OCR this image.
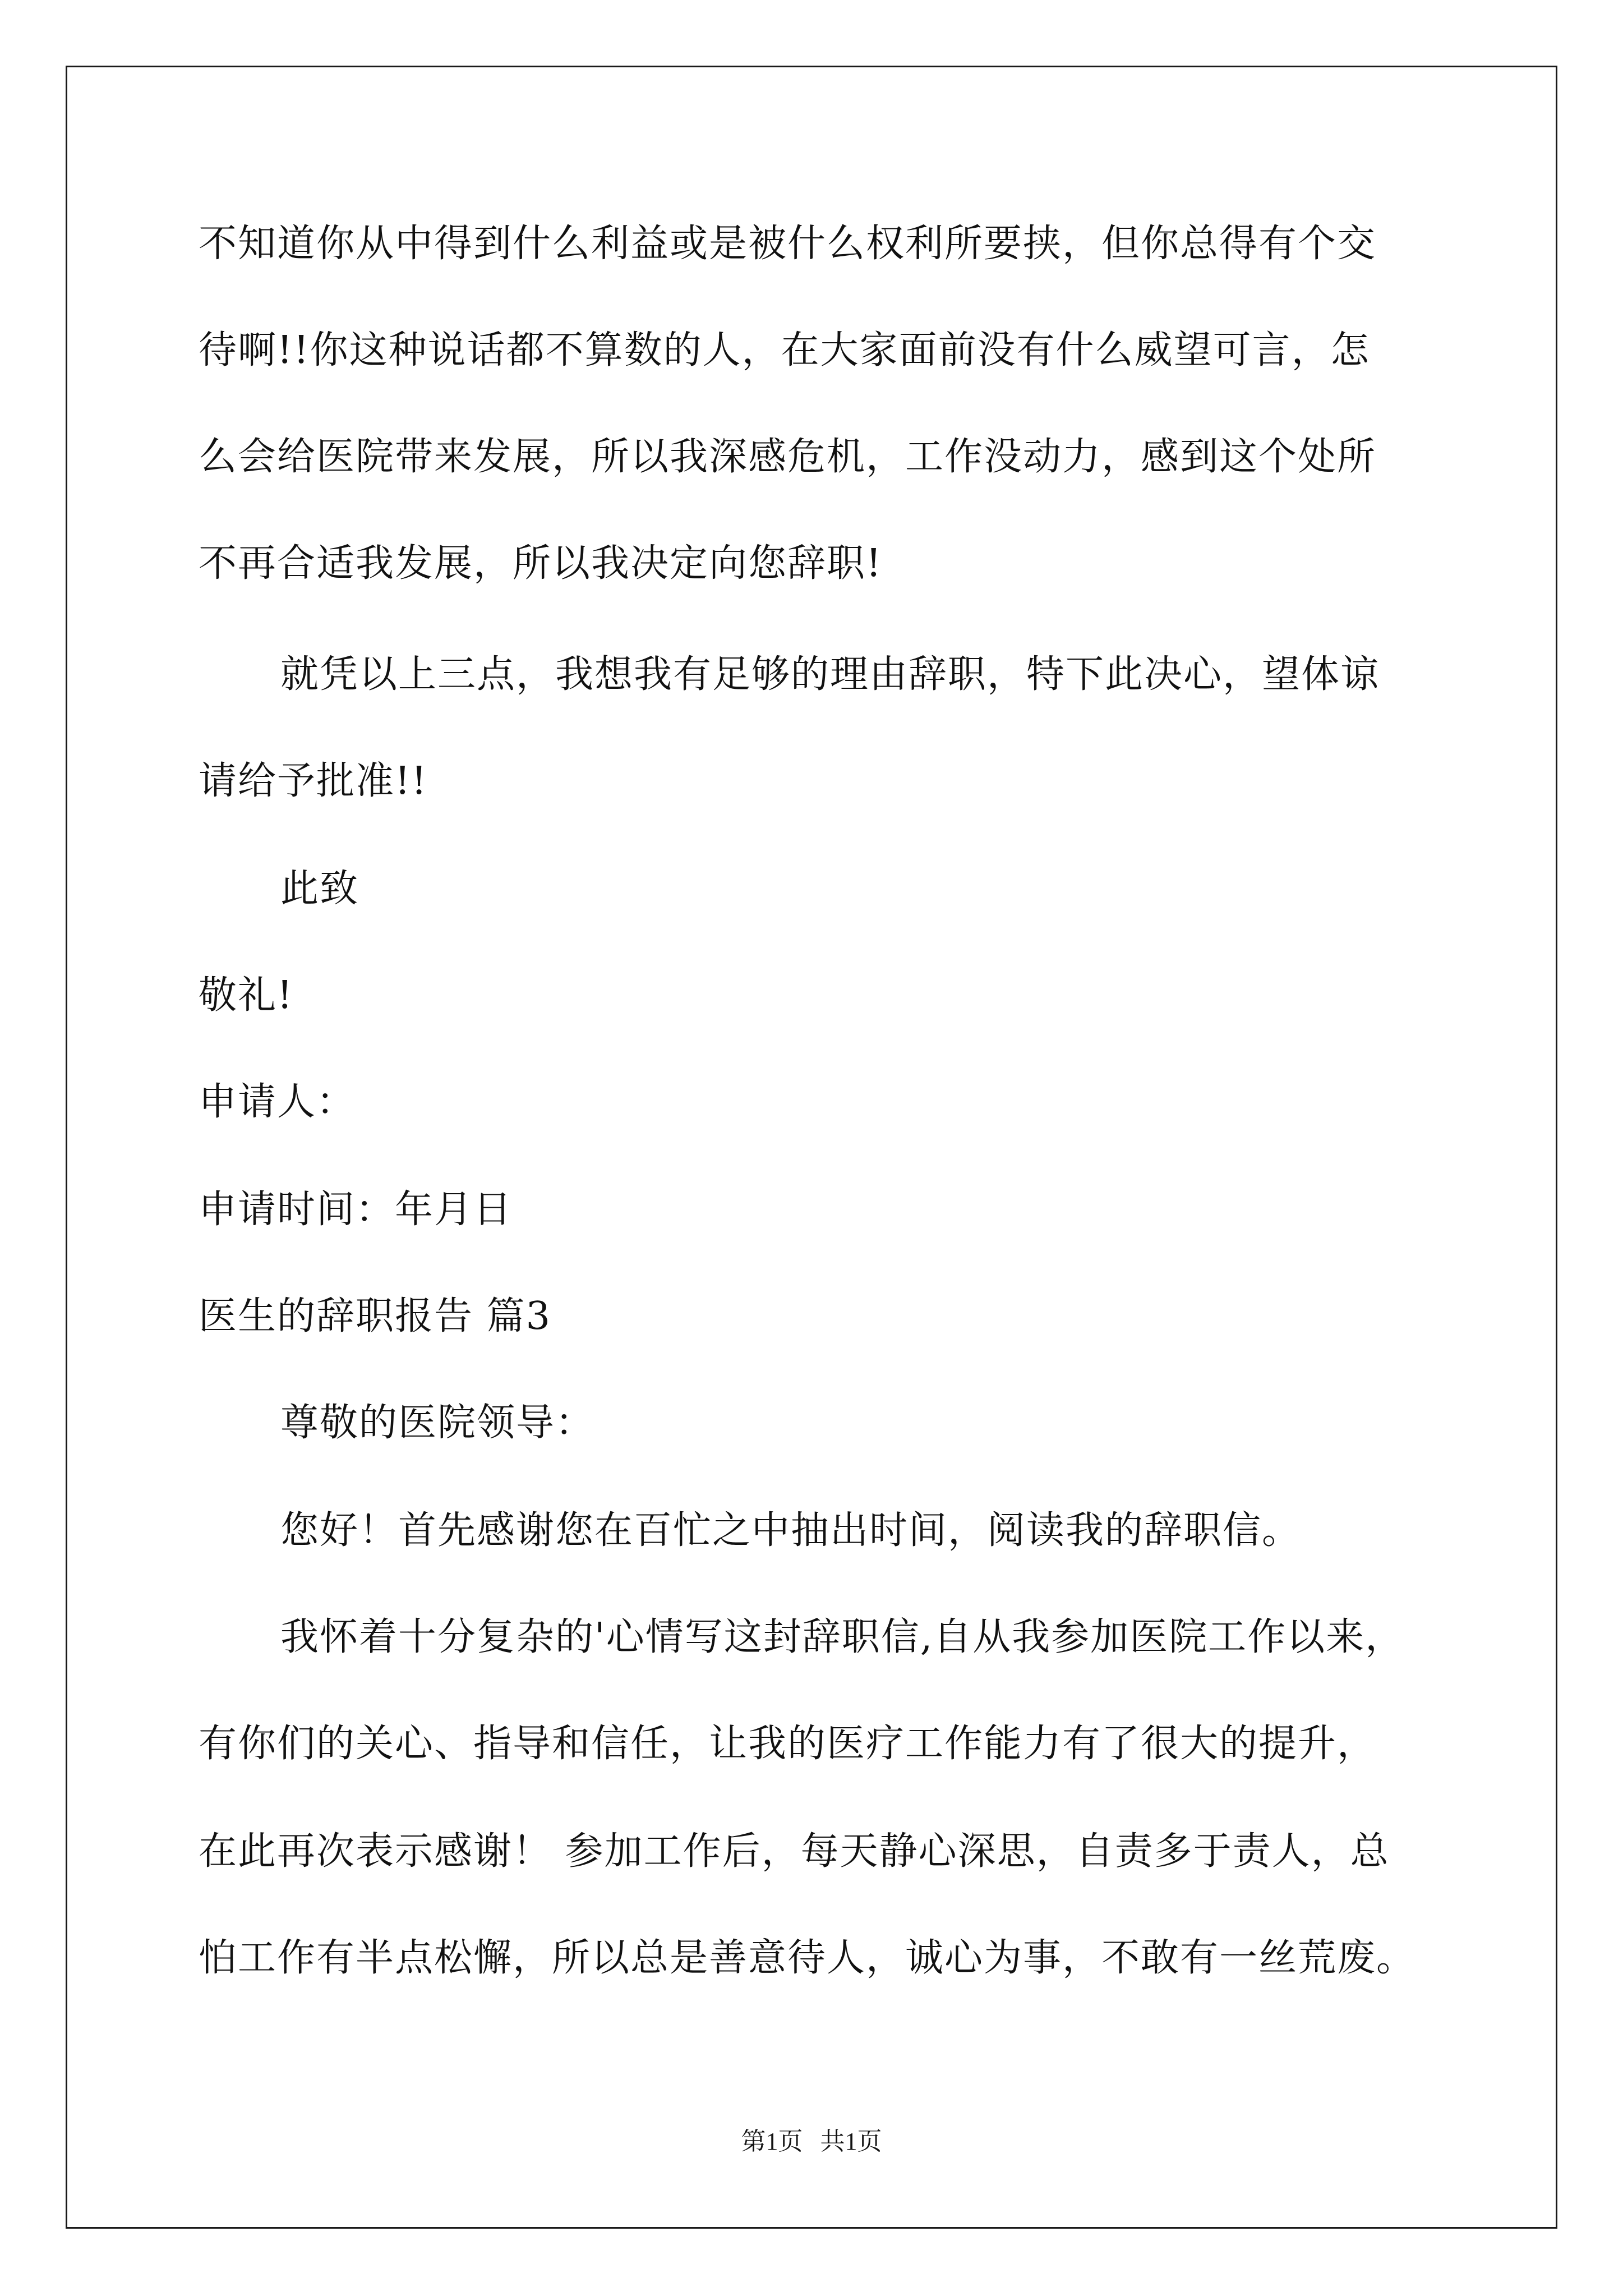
不知道你从中得到什么利益或是被什么权利所要挟，但你总得有个交
待啊!!你这种说话都不算数的人，在大家面前没有什么威望可言，怎
么会给医院带来发展，所以我深感危机，工作没动力，感到这个处所
不再合适我发展，所以我决定向您辞职!
就凭以上三点，我想我有足够的理由辞职，特下此决心，望体谅
请给予批准!!
此致
敬礼!
申请人：
申请时间：年月日
医生的辞职报告 篇3
尊敬的医院领导：
您好！首先感谢您在百忙之中抽出时间，阅读我的辞职信。
我怀着十分复杂的'心情写这封辞职信,自从我参加医院工作以来，
有你们的关心、指导和信任，让我的医疗工作能力有了很大的提升，
在此再次表示感谢！ 参加工作后，每天静心深思，自责多于责人，总
怕工作有半点松懈，所以总是善意待人，诚心为事，不敢有一丝荒废。
第1页 共1页
